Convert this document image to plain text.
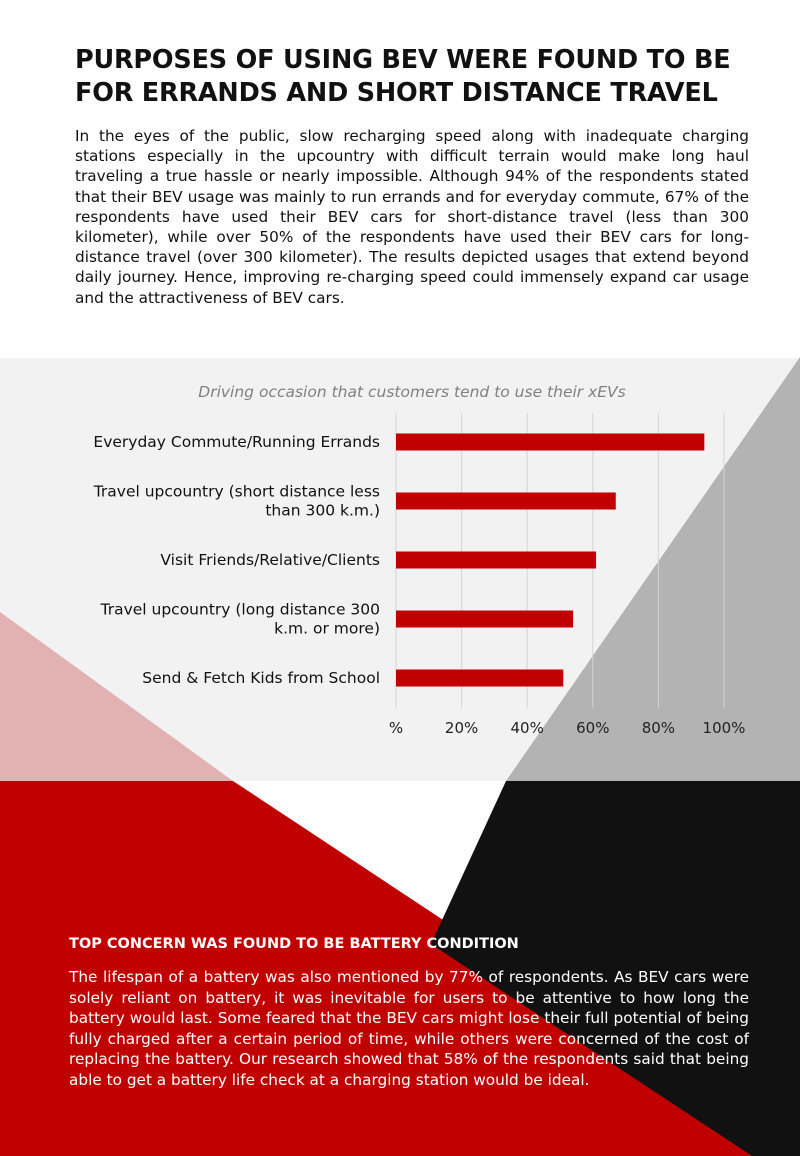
PURPOSES OF USING BEV WERE FOUND TO BE FOR ERRANDS AND SHORT DISTANCE TRAVEL

In the eyes of the public, slow recharging speed along with inadequate charging stations especially in the upcountry with difficult terrain would make long haul traveling a true hassle or nearly impossible. Although 94% of the respondents stated that their BEV usage was mainly to run errands and for everyday commute, 67% of the respondents have used their BEV cars for short-distance travel (less than 300 kilometer), while over 50% of the respondents have used their BEV cars for long-distance travel (over 300 kilometer). The results depicted usages that extend beyond daily journey. Hence, improving re-charging speed could immensely expand car usage and the attractiveness of BEV cars.

Driving occasion that customers tend to use their xEVs
Everyday Commute/Running Errands
Travel upcountry (short distance less
than 300 k.m.)
Visit Friends/Relative/Clients
Travel upcountry (long distance 300
k.m. or more)
Send & Fetch Kids from School
%	20% 40% 60% 80% 100%
TOP CONCERN WAS FOUND TO BE BATTERY CONDITION

The lifespan of a battery was also mentioned by 77% of respondents. As BEV cars were solely reliant on battery, it was inevitable for users to be attentive to how long the battery would last. Some feared that the BEV cars might lose their full potential of being fully charged after a certain period of time, while others were concerned of the cost of replacing the battery. Our research showed that 58% of the respondents said that being able to get a battery life check at a charging station would be ideal.
